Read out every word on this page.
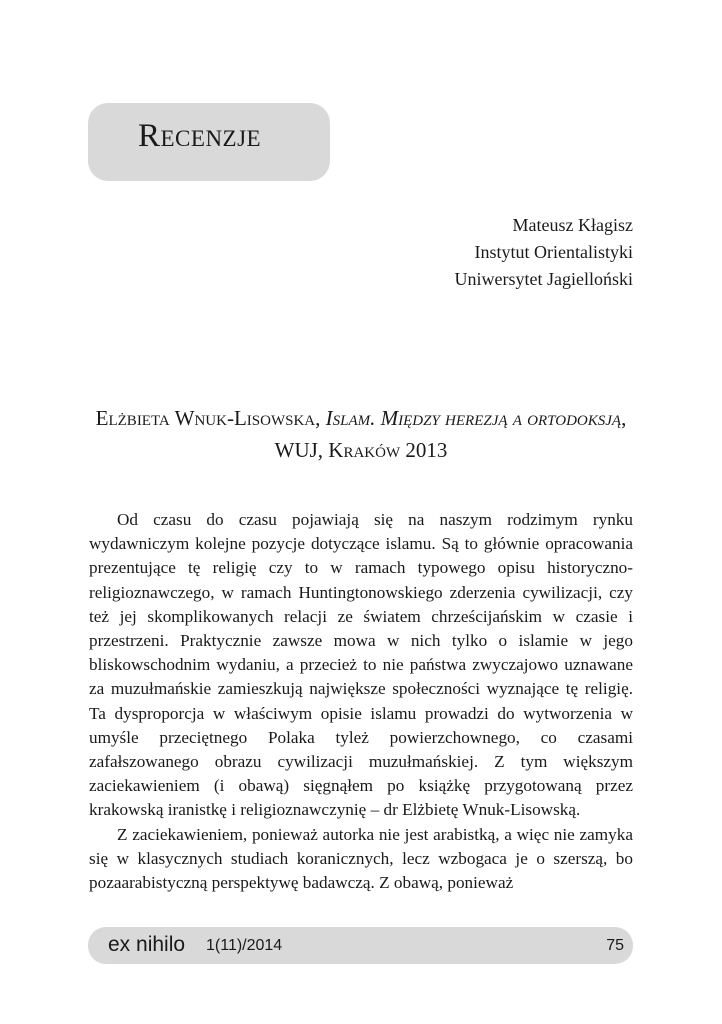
Recenzje
Mateusz Kłagisz
Instytut Orientalistyki
Uniwersytet Jagielloński
Elżbieta Wnuk-Lisowska, Islam. Między herezją a ortodoksją, WUJ, Kraków 2013

Od czasu do czasu pojawiają się na naszym rodzimym rynku wydawniczym kolejne pozycje dotyczące islamu. Są to głównie opracowania prezentujące tę religię czy to w ramach typowego opisu historyczno-religioznawczego, w ramach Huntingtonowskiego zderzenia cywilizacji, czy też jej skomplikowanych relacji ze światem chrześcijańskim w czasie i przestrzeni. Praktycznie zawsze mowa w nich tylko o islamie w jego bliskowschodnim wydaniu, a przecież to nie państwa zwyczajowo uznawane za muzułmańskie zamieszkują największe społeczności wyznające tę religię. Ta dysproporcja w właściwym opisie islamu prowadzi do wytworzenia w umyśle przeciętnego Polaka tyleż powierzchownego, co czasami zafałszowanego obrazu cywilizacji muzułmańskiej. Z tym większym zaciekawieniem (i obawą) sięgnąłem po książkę przygotowaną przez krakowską iranistkę i religioznawczynię – dr Elżbietę Wnuk-Lisowską.

Z zaciekawieniem, ponieważ autorka nie jest arabistką, a więc nie zamyka się w klasycznych studiach koranicznych, lecz wzbogaca je o szerszą, bo pozaarabistyczną perspektywę badawczą. Z obawą, ponieważ

ex nihilo 1(11)/2014	75
